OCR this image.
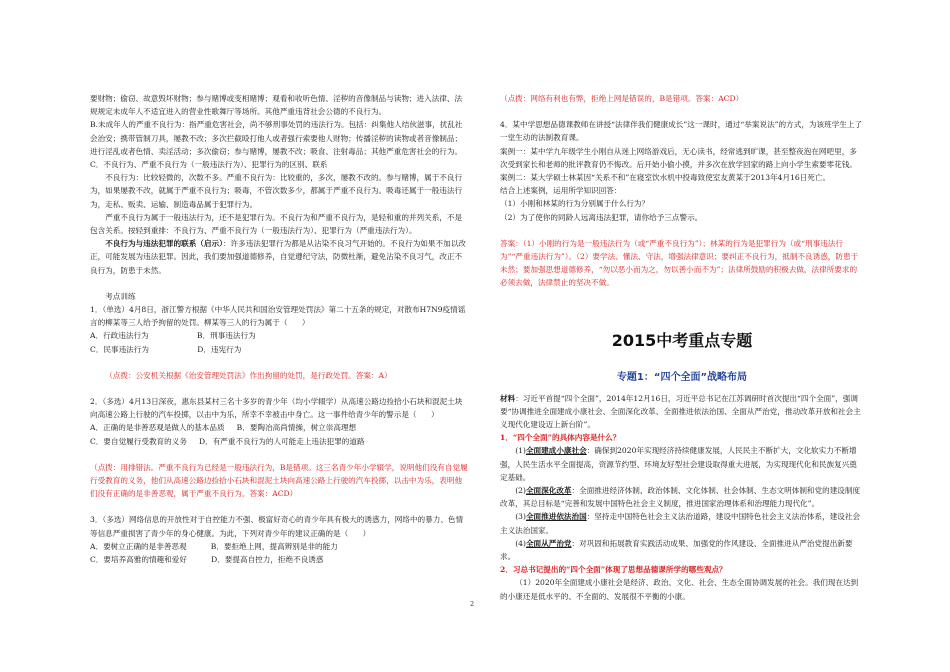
要财物；偷窃、故意毁坏财物；参与赌博或变相赌博；观看和收听色情、淫秽的音像制品与读物；进入法律、法规规定未成年人不适宜进入的营业性歌舞厅等场所。其他严重违背社会公德的不良行为。

B.未成年人的严重不良行为：指严重危害社会，尚不够刑事处罚的违法行为。包括：纠集他人结伙滋事，扰乱社会治安；携带管制刀具，屡教不改；多次拦截殴打他人或者强行索要他人财物；传播淫秽的读物或者音像制品；进行淫乱或者色情、卖淫活动；多次偷窃；参与赌博，屡教不改；吸食、注射毒品；其他严重危害社会的行为。

C．不良行为、严重不良行为（一般违法行为）、犯罪行为的区别、联系

不良行为：比较轻微的，次数不多。严重不良行为：比较重的，多次，屡教不改的。参与赌博，属于不良行为，如果屡教不改，就属于严重不良行为；吸毒，不管次数多少，都属于严重不良行为。吸毒还属于一般违法行为，走私、贩卖、运输、制造毒品属于犯罪行为。

严重不良行为属于一般违法行为，还不是犯罪行为。不良行为和严重不良行为，是轻和重的并列关系，不是包含关系。按轻到重排：不良行为、严重不良行为（一般违法行为）、犯罪行为（严重违法行为）。

不良行为与违法犯罪的联系（启示）：许多违法犯罪行为都是从沾染不良习气开始的。不良行为如果不加以改正，可能发展为违法犯罪。因此，我们要加强道德修养，自觉遵纪守法，防微杜渐，避免沾染不良习气，改正不良行为，防患于未然。

考点训练

1．（单选）4月8日，浙江警方根据《中华人民共和国治安管理处罚法》第二十五条的规定，对散布H7N9疫情谣言的柳某等三人给予拘留的处罚。柳某等三人的行为属于（      ）

A．行政违法行为	B．刑事违法行为

C．民事违法行为	D．违宪行为

（点拨：公安机关根据《治安管理处罚法》作出拘留的处罚，是行政处罚。答案：A）

2．（多选）4月13日深夜，惠东县某村三名十多岁的青少年（均小学辍学）从高速公路边捡拾小石块和混泥土块向高速公路上行驶的汽车投掷，以击中为乐，所幸不幸被击中身亡。这一事件给青少年的警示是（      ）

A．正确的是非善恶观是做人的基本品质 B．要陶冶高尚情操，树立崇高理想

C．要自觉履行受教育的义务 D．有严重不良行为的人可能走上违法犯罪的道路

（点拨：用排错法。严重不良行为已经是一般违法行为，B是错项。这三名青少年小学辍学，说明他们没有自觉履行受教育的义务，他们从高速公路边捡拾小石块和混泥土块向高速公路上行驶的汽车投掷，以击中为乐，表明他们没有正确的是非善恶观，属于严重不良行为。答案：ACD）

3．（多选）网络信息的开放性对于自控能力不强、极富好奇心的青少年具有极大的诱惑力，网络中的暴力、色情等信息严重损害了青少年的身心健康。为此，下列对青少年的建议正确的是（      ）

A．要树立正确的是非善恶观	B．要拒绝上网，提高辨别是非的能力

C．要培养高雅的情趣和爱好	D．要提高自控力，拒绝不良诱惑

（点拨：网络有利也有弊，拒绝上网是错误的，B是错项。答案：ACD）

4．某中学思想品德课教师在讲授“法律伴我们健康成长”这一课时，通过“举案说法”的方式，为该班学生上了一堂生动的法制教育课。

案例一：某中学九年级学生小刚自从迷上网络游戏后，无心读书，经常逃到旷课，甚至整夜泡在网吧里，多次受到家长和老师的批评教育仍不悔改。后开始小偷小摸，并多次在放学回家的路上向小学生索要零花钱。

案例二：某大学硕士林某因“关系不和”在寝室饮水机中投毒致使室友黄某于2013年4月16日死亡。

结合上述案例，运用所学知识回答：

（1）小刚和林某的行为分别属于什么行为？

（2）为了使你的同龄人远离违法犯罪，请你给予三点警示。

答案：（1）小刚的行为是一般违法行为（或“严重不良行为”）；林某的行为是犯罪行为（或“刑事违法行为”“严重违法行为”）。（2）要学法、懂法、守法，增强法律意识；要纠正不良行为，抵制不良诱惑，防患于未然；要加强思想道德修养，“勿以恶小而为之，勿以善小而不为”；法律所鼓励的积极去做，法律所要求的必须去做，法律禁止的坚决不做。

2015中考重点专题
专题1：“四个全面”战略布局

材料：习近平首提“四个全面”，2014年12月16日，习近平总书记在江苏调研时首次提出“四个全面”，强调要“协调推进全面建成小康社会、全面深化改革、全面推进依法治国、全面从严治党，推动改革开放和社会主义现代化建设迈上新台阶”。

1．“四个全面”的具体内容是什么？

(1)全面建成小康社会：确保到2020年实现经济持续健康发展，人民民主不断扩大，文化软实力不断增强，人民生活水平全面提高，资源节约型、环境友好型社会建设取得重大进展，为实现现代化和民族复兴奠定基础。

(2)全面深化改革：全面推进经济体制、政治体制、文化体制、社会体制、生态文明体制和党的建设制度改革，其总目标是“完善和发展中国特色社会主义制度，推进国家治理体系和治理能力现代化”。

(3)全面推进依法治国：坚持走中国特色社会主义法治道路，建设中国特色社会主义法治体系，建设社会主义法治国家。

(4)全面从严治党：对巩固和拓展教育实践活动成果、加强党的作风建设、全面推进从严治党提出新要求。

2．习总书记提出的“四个全面”体现了思想品德课所学的哪些观点？

（1）2020年全面建成小康社会是经济、政治、文化、社会、生态全面协调发展的社会。我们现在达到的小康还是低水平的、不全面的、发展很不平衡的小康。

2
